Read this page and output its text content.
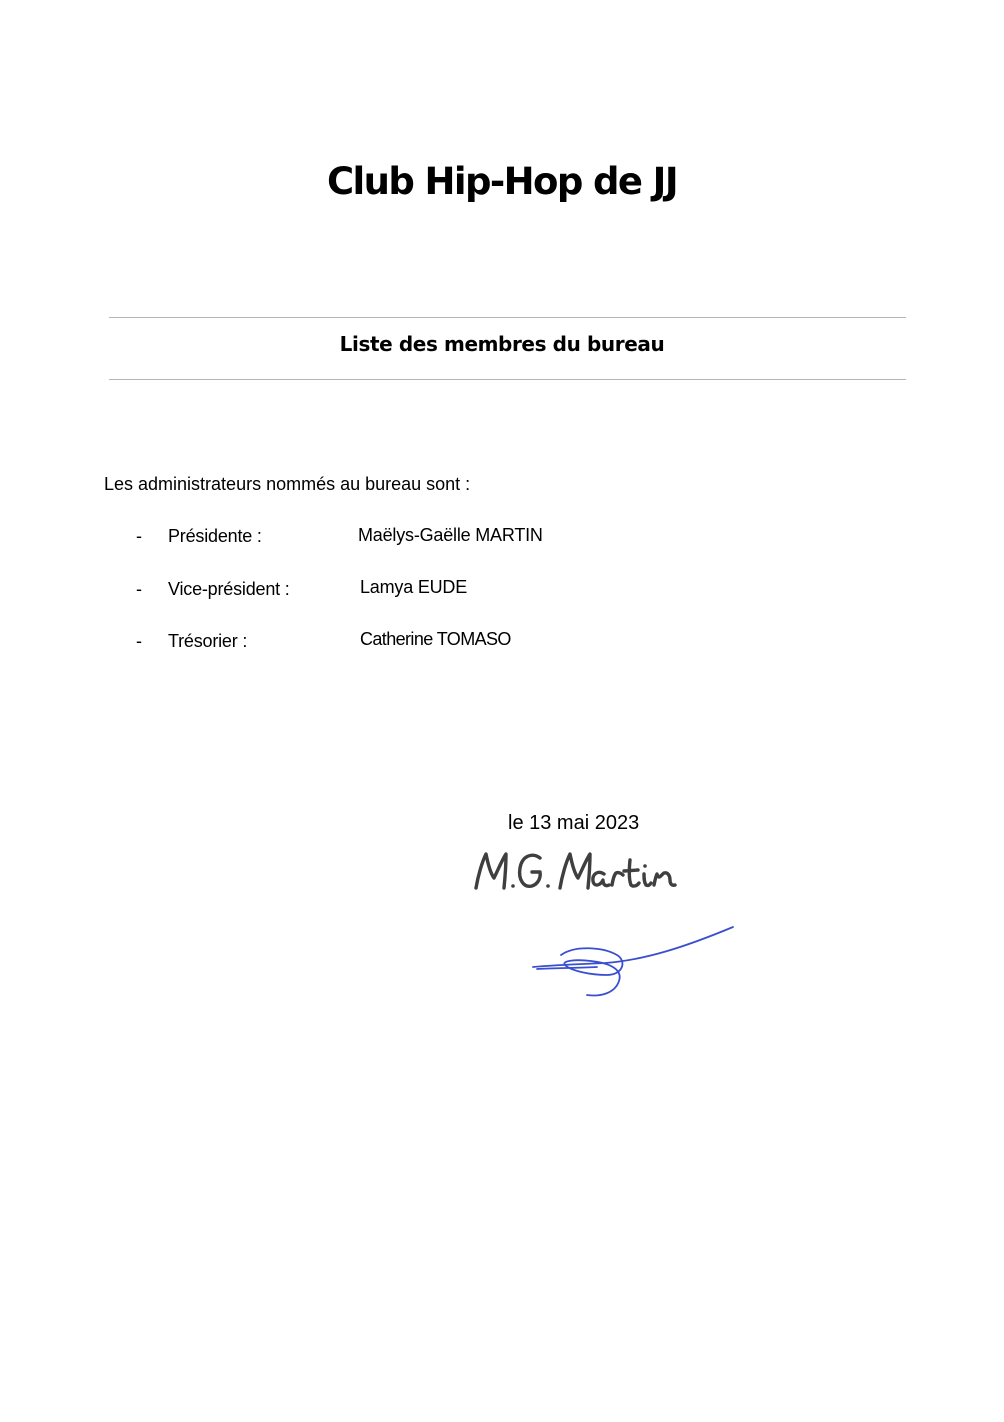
Club Hip-Hop de JJ
Liste des membres du bureau

Les administrateurs nommés au bureau sont :

- Présidente :	Maëlys-Gaëlle MARTIN
- Vice-président :	Lamya EUDE
- Trésorier :	Catherine TOMASO
le 13 mai 2023
